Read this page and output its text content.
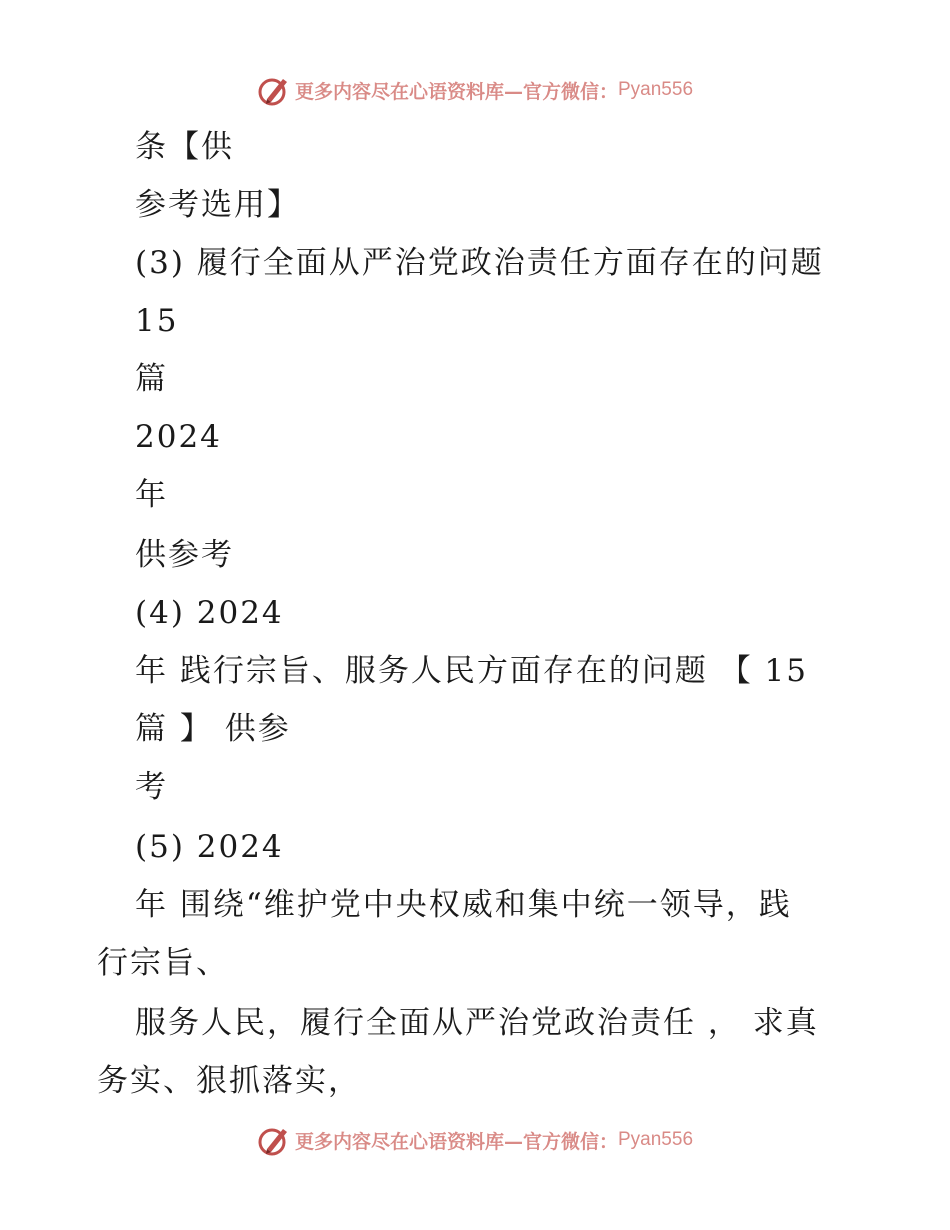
更多内容尽在心语资料库—官方微信： Pyan556
条【供
参考选用】
(3) 履行全面从严治党政治责任方面存在的问题
15
篇
2024
年
供参考
(4) 2024
年 践行宗旨、服务人民方面存在的问题 【 15
篇 】 供参
考
(5) 2024
年 围绕“维护党中央权威和集中统一领导，践
行宗旨、
服务人民，履行全面从严治党政治责任 ， 求真
务实、狠抓落实，
更多内容尽在心语资料库—官方微信： Pyan556
